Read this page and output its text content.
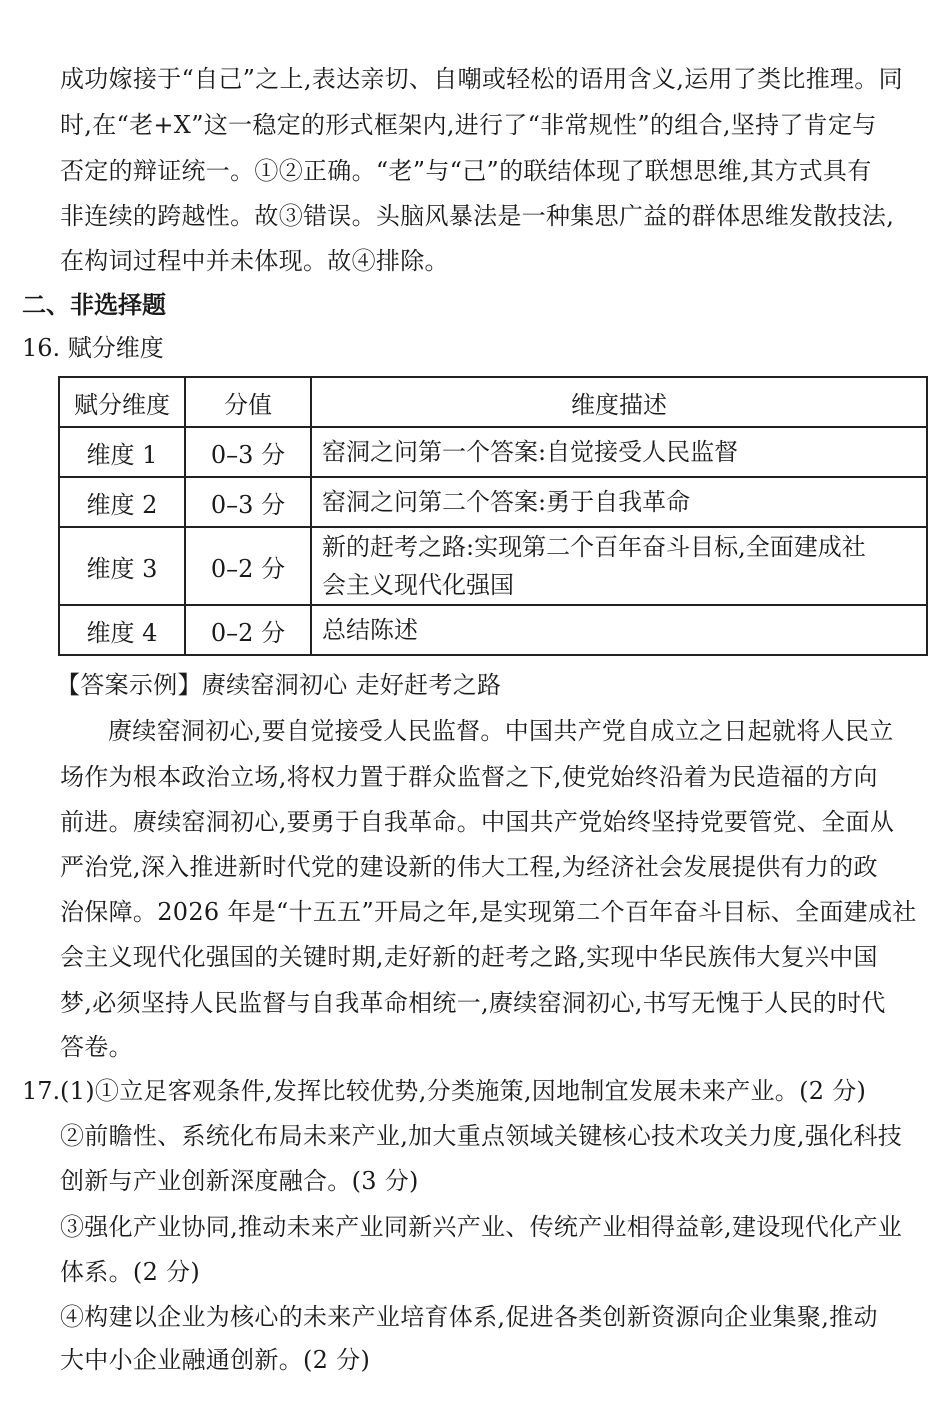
成功嫁接于“自己”之上,表达亲切、自嘲或轻松的语用含义,运用了类比推理。同
时,在“老+X”这一稳定的形式框架内,进行了“非常规性”的组合,坚持了肯定与
否定的辩证统一。①②正确。“老”与“己”的联结体现了联想思维,其方式具有
非连续的跨越性。故③错误。头脑风暴法是一种集思广益的群体思维发散技法,
在构词过程中并未体现。故④排除。
二、非选择题
16. 赋分维度
赋分维度	分值	维度描述
维度 1	0–3 分	窑洞之问第一个答案:自觉接受人民监督
维度 2	0–3 分	窑洞之问第二个答案:勇于自我革命
维度 3	0–2 分	新的赶考之路:实现第二个百年奋斗目标,全面建成社
会主义现代化强国

维度 4	0–2 分	总结陈述
【答案示例】赓续窑洞初心 走好赶考之路
赓续窑洞初心,要自觉接受人民监督。中国共产党自成立之日起就将人民立
场作为根本政治立场,将权力置于群众监督之下,使党始终沿着为民造福的方向
前进。赓续窑洞初心,要勇于自我革命。中国共产党始终坚持党要管党、全面从
严治党,深入推进新时代党的建设新的伟大工程,为经济社会发展提供有力的政
治保障。2026 年是“十五五”开局之年,是实现第二个百年奋斗目标、全面建成社
会主义现代化强国的关键时期,走好新的赶考之路,实现中华民族伟大复兴中国
梦,必须坚持人民监督与自我革命相统一,赓续窑洞初心,书写无愧于人民的时代
答卷。
17. (1)①立足客观条件,发挥比较优势,分类施策,因地制宜发展未来产业。(2 分)
②前瞻性、系统化布局未来产业,加大重点领域关键核心技术攻关力度,强化科技
创新与产业创新深度融合。(3 分)
③强化产业协同,推动未来产业同新兴产业、传统产业相得益彰,建设现代化产业
体系。(2 分)
④构建以企业为核心的未来产业培育体系,促进各类创新资源向企业集聚,推动
大中小企业融通创新。(2 分)
